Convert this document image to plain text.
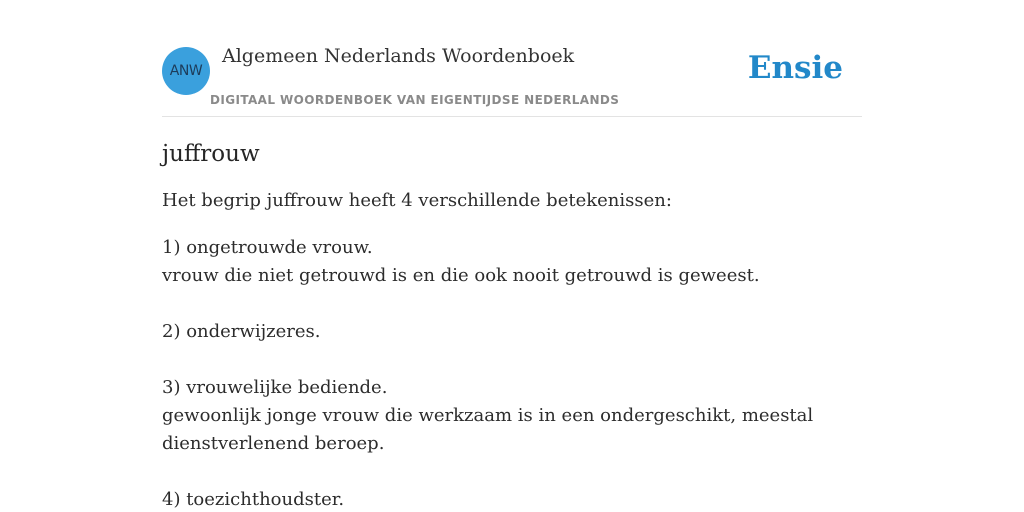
ANW
Algemeen Nederlands Woordenboek
DIGITAAL WOORDENBOEK VAN EIGENTIJDSE NEDERLANDS
Ensie
juffrouw

Het begrip juffrouw heeft 4 verschillende betekenissen:

1) ongetrouwde vrouw.
vrouw die niet getrouwd is en die ook nooit getrouwd is geweest.
2) onderwijzeres.
3) vrouwelijke bediende.
gewoonlijk jonge vrouw die werkzaam is in een ondergeschikt, meestal dienstverlenend beroep.
4) toezichthoudster.
